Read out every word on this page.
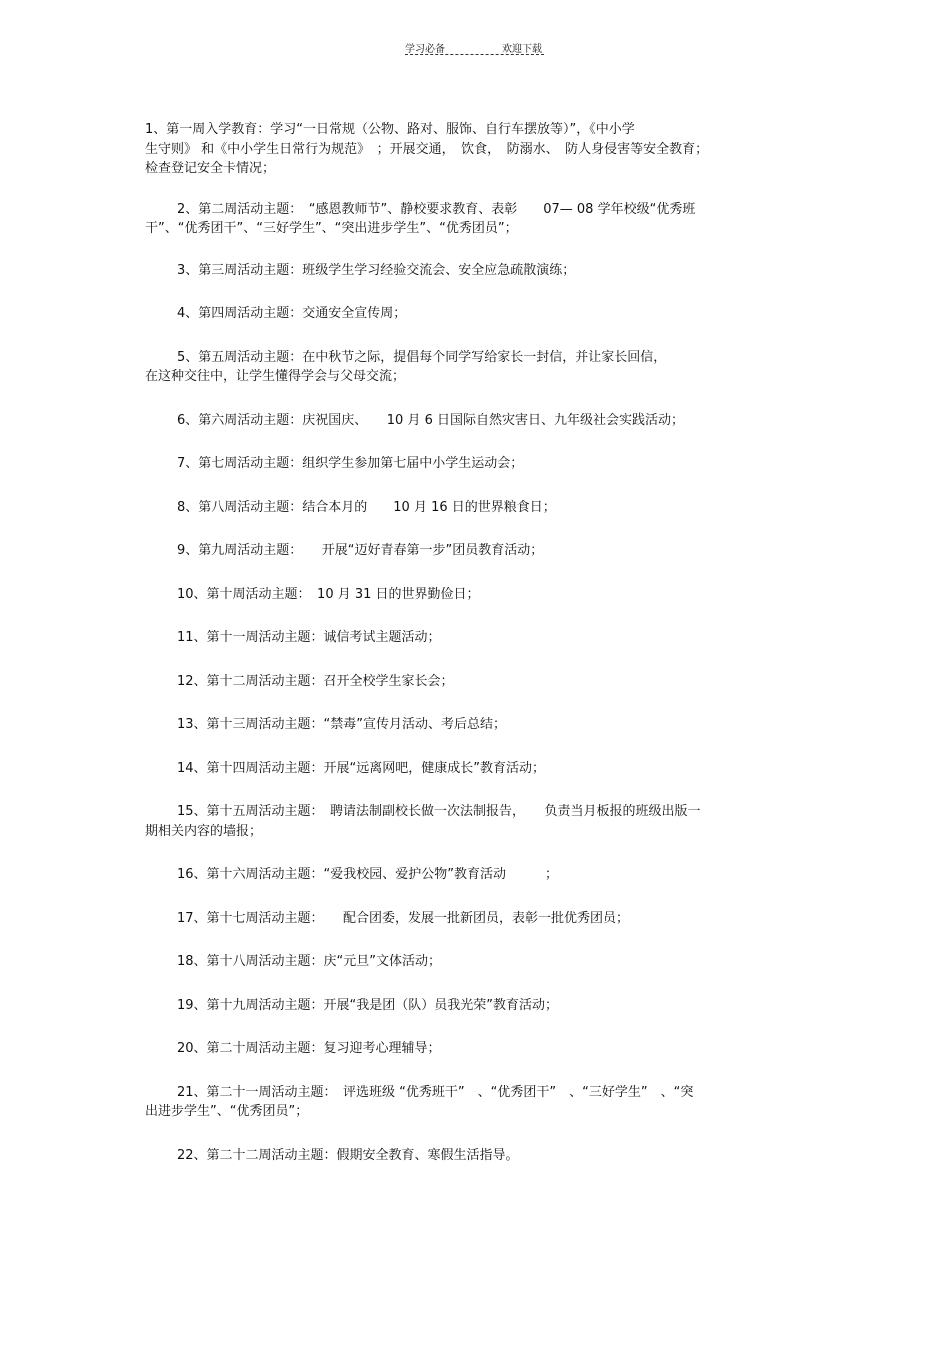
学习必备	欢迎下载

1、第一周入学教育：学习“一日常规（公物、路对、服饰、自行车摆放等）”，《中小学
生守则》 和《中小学生日常行为规范》　；开展交通，　饮食，　防溺水、　防人身侵害等安全教育；
检查登记安全卡情况；

2、第二周活动主题：　“感恩教师节”、静校要求教育、表彰　　07— 08 学年校级“优秀班
干”、“优秀团干”、“三好学生”、“突出进步学生”、“优秀团员”；

3、第三周活动主题：班级学生学习经验交流会、安全应急疏散演练；

4、第四周活动主题：交通安全宣传周；

5、第五周活动主题：在中秋节之际，提倡每个同学写给家长一封信，并让家长回信，
在这种交往中，让学生懂得学会与父母交流；

6、第六周活动主题：庆祝国庆、　　10 月 6 日国际自然灾害日、九年级社会实践活动；

7、第七周活动主题：组织学生参加第七届中小学生运动会；

8、第八周活动主题：结合本月的　　10 月 16 日的世界粮食日；

9、第九周活动主题：　　开展“迈好青春第一步”团员教育活动；

10、第十周活动主题：　10 月 31 日的世界勤俭日；

11、第十一周活动主题：诚信考试主题活动；

12、第十二周活动主题：召开全校学生家长会；

13、第十三周活动主题：“禁毒”宣传月活动、考后总结；

14、第十四周活动主题：开展“远离网吧，健康成长”教育活动；

15、第十五周活动主题：　聘请法制副校长做一次法制报告，　　负责当月板报的班级出版一
期相关内容的墙报；

16、第十六周活动主题：“爱我校园、爱护公物”教育活动　　　；

17、第十七周活动主题：　　配合团委，发展一批新团员，表彰一批优秀团员；

18、第十八周活动主题：庆“元旦”文体活动；

19、第十九周活动主题：开展“我是团（队）员我光荣”教育活动；

20、第二十周活动主题：复习迎考心理辅导；

21、第二十一周活动主题：　评选班级 “优秀班干”　、“优秀团干”　、“三好学生”　、“突
出进步学生”、“优秀团员”；

22、第二十二周活动主题：假期安全教育、寒假生活指导。
